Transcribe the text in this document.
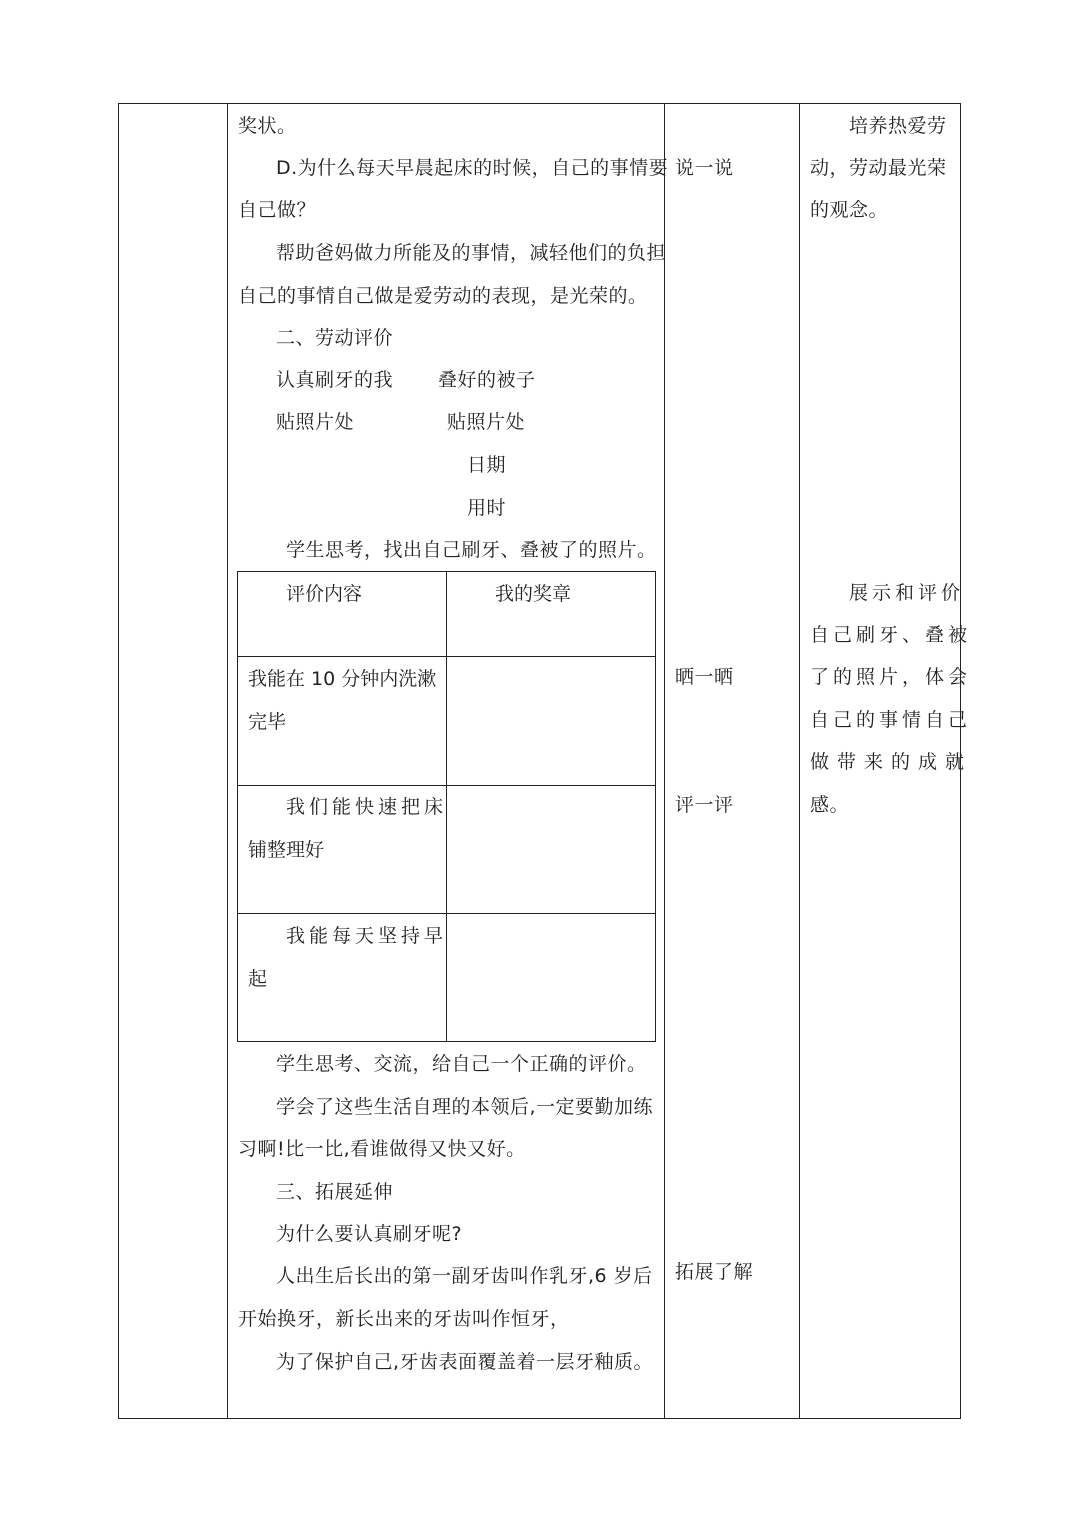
奖状。
D.为什么每天早晨起床的时候，自己的事情要
自己做？
帮助爸妈做力所能及的事情，减轻他们的负担
自己的事情自己做是爱劳动的表现，是光荣的。
二、劳动评价
认真刷牙的我 叠好的被子
贴照片处	贴照片处
日期
用时
学生思考，找出自己刷牙、叠被了的照片。
评价内容	我的奖章
我能在 10 分钟内洗漱
完毕
我们能快速把床
铺整理好
我能每天坚持早
起
学生思考、交流，给自己一个正确的评价。
学会了这些生活自理的本领后,一定要勤加练
习啊!比一比,看谁做得又快又好。
三、拓展延伸
为什么要认真刷牙呢?
人出生后长出的第一副牙齿叫作乳牙,6 岁后
开始换牙，新长出来的牙齿叫作恒牙，
为了保护自己,牙齿表面覆盖着一层牙釉质。
说一说
晒一晒
评一评
拓展了解
培养热爱劳
动，劳动最光荣
的观念。
展示和评价
自己刷牙、叠被
了的照片，体会
自己的事情自己
做带来的成就
感。
